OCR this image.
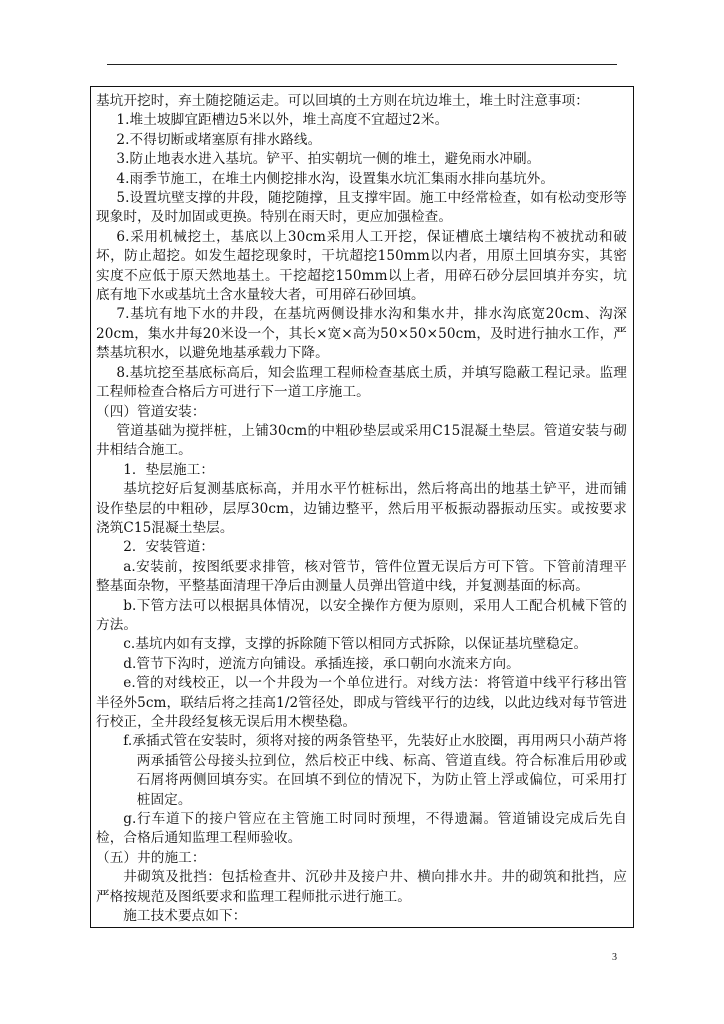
基坑开挖时，弃土随挖随运走。可以回填的土方则在坑边堆土，堆土时注意事项：

1.堆土坡脚宜距槽边5米以外，堆土高度不宜超过2米。

2.不得切断或堵塞原有排水路线。

3.防止地表水进入基坑。铲平、拍实朝坑一侧的堆土，避免雨水冲刷。

4.雨季节施工，在堆土内侧挖排水沟，设置集水坑汇集雨水排向基坑外。

5.设置坑壁支撑的井段，随挖随撑，且支撑牢固。施工中经常检查，如有松动变形等现象时，及时加固或更换。特别在雨天时，更应加强检查。

6.采用机械挖土，基底以上30cm采用人工开挖，保证槽底土壤结构不被扰动和破坏，防止超挖。如发生超挖现象时，干坑超挖150mm以内者，用原土回填夯实，其密实度不应低于原天然地基土。干挖超挖150mm以上者，用碎石砂分层回填并夯实，坑底有地下水或基坑土含水量较大者，可用碎石砂回填。

7.基坑有地下水的井段，在基坑两侧设排水沟和集水井，排水沟底宽20cm、沟深20cm，集水井每20米设一个，其长×宽×高为50×50×50cm，及时进行抽水工作，严禁基坑积水，以避免地基承载力下降。

8.基坑挖至基底标高后，知会监理工程师检查基底土质，并填写隐蔽工程记录。监理工程师检查合格后方可进行下一道工序施工。

（四）管道安装：

管道基础为搅拌桩，上铺30cm的中粗砂垫层或采用C15混凝土垫层。管道安装与砌井相结合施工。

1．垫层施工：

基坑挖好后复测基底标高，并用水平竹桩标出，然后将高出的地基土铲平，进而铺设作垫层的中粗砂，层厚30cm，边铺边整平，然后用平板振动器振动压实。或按要求浇筑C15混凝土垫层。

2．安装管道：

a.安装前，按图纸要求排管，核对管节，管件位置无误后方可下管。下管前清理平整基面杂物，平整基面清理干净后由测量人员弹出管道中线，并复测基面的标高。

b.下管方法可以根据具体情况，以安全操作方便为原则，采用人工配合机械下管的方法。

c.基坑内如有支撑，支撑的拆除随下管以相同方式拆除，以保证基坑壁稳定。

d.管节下沟时，逆流方向铺设。承插连接，承口朝向水流来方向。

e.管的对线校正，以一个井段为一个单位进行。对线方法：将管道中线平行移出管半径外5cm，联结后将之挂高1/2管径处，即成与管线平行的边线，以此边线对每节管进行校正，全井段经复核无误后用木楔垫稳。

f.承插式管在安装时，须将对接的两条管垫平，先装好止水胶圈，再用两只小葫芦将两承插管公母接头拉到位，然后校正中线、标高、管道直线。符合标准后用砂或石屑将两侧回填夯实。在回填不到位的情况下，为防止管上浮或偏位，可采用打桩固定。

g.行车道下的接户管应在主管施工时同时预埋，不得遗漏。管道铺设完成后先自检，合格后通知监理工程师验收。

（五）井的施工：

井砌筑及批挡：包括检查井、沉砂井及接户井、横向排水井。井的砌筑和批挡，应严格按规范及图纸要求和监理工程师批示进行施工。

施工技术要点如下：

3
